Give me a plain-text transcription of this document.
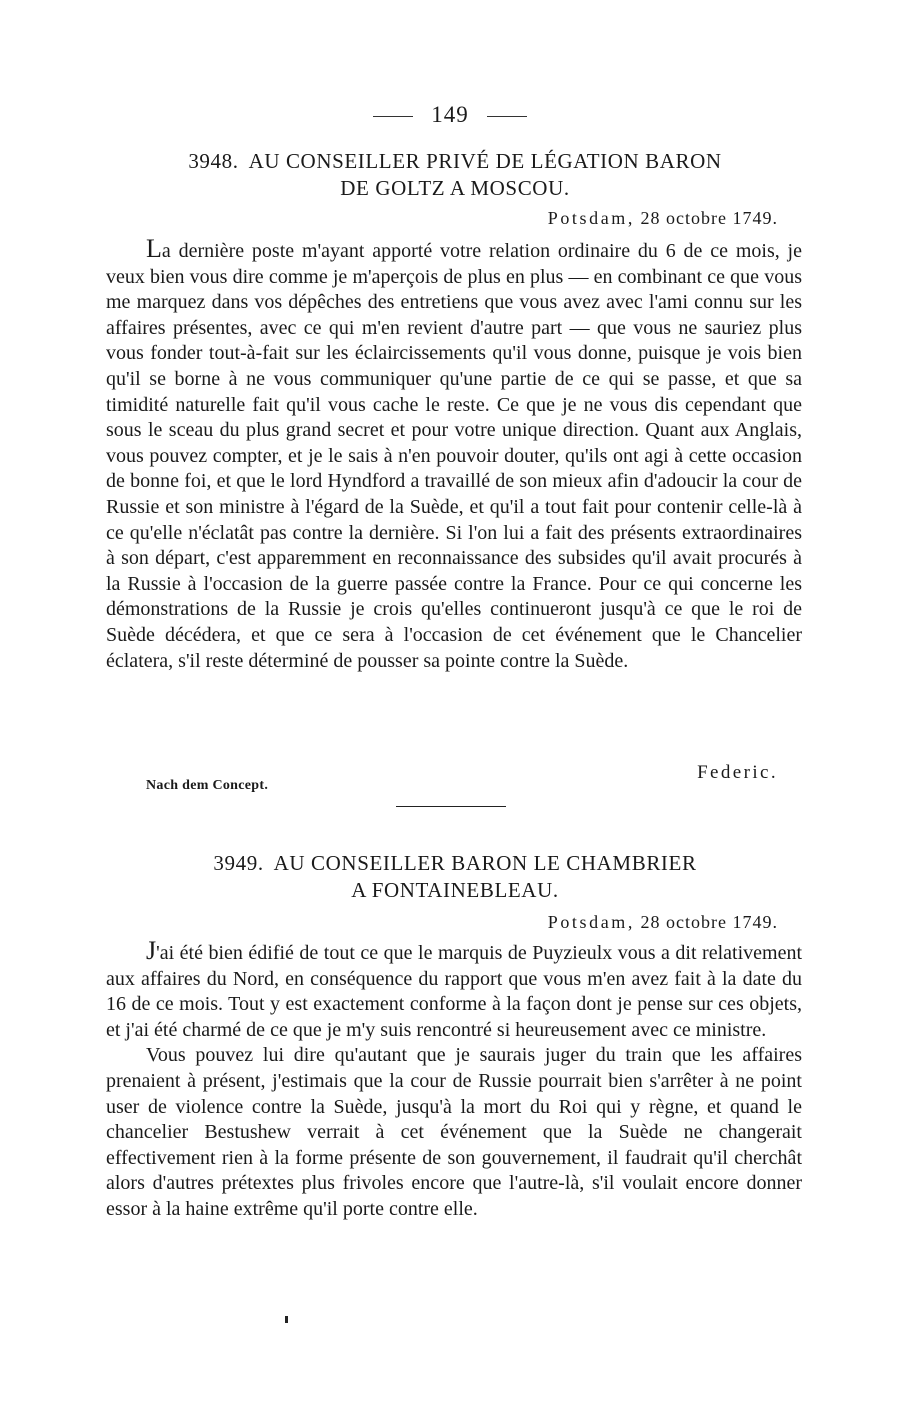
149
3948. AU CONSEILLER PRIVÉ DE LÉGATION BARON
DE GOLTZ A MOSCOU.
Potsdam, 28 octobre 1749.

La dernière poste m'ayant apporté votre relation ordinaire du 6 de ce mois, je veux bien vous dire comme je m'aperçois de plus en plus — en combinant ce que vous me marquez dans vos dépêches des entretiens que vous avez avec l'ami connu sur les affaires présentes, avec ce qui m'en revient d'autre part — que vous ne sauriez plus vous fonder tout-à-fait sur les éclaircissements qu'il vous donne, puisque je vois bien qu'il se borne à ne vous communiquer qu'une partie de ce qui se passe, et que sa timidité naturelle fait qu'il vous cache le reste. Ce que je ne vous dis cependant que sous le sceau du plus grand secret et pour votre unique direction. Quant aux Anglais, vous pouvez compter, et je le sais à n'en pouvoir douter, qu'ils ont agi à cette occasion de bonne foi, et que le lord Hyndford a travaillé de son mieux afin d'adoucir la cour de Russie et son ministre à l'égard de la Suède, et qu'il a tout fait pour contenir celle-là à ce qu'elle n'éclatât pas contre la dernière. Si l'on lui a fait des présents extraordinaires à son départ, c'est apparemment en reconnaissance des subsides qu'il avait procurés à la Russie à l'occasion de la guerre passée contre la France. Pour ce qui concerne les démonstrations de la Russie je crois qu'elles continueront jusqu'à ce que le roi de Suède décédera, et que ce sera à l'occasion de cet événement que le Chancelier éclatera, s'il reste déterminé de pousser sa pointe contre la Suède.

Federic.
Nach dem Concept.
3949. AU CONSEILLER BARON LE CHAMBRIER
A FONTAINEBLEAU.
Potsdam, 28 octobre 1749.

J'ai été bien édifié de tout ce que le marquis de Puyzieulx vous a dit relativement aux affaires du Nord, en conséquence du rapport que vous m'en avez fait à la date du 16 de ce mois. Tout y est exactement conforme à la façon dont je pense sur ces objets, et j'ai été charmé de ce que je m'y suis rencontré si heureusement avec ce ministre.

Vous pouvez lui dire qu'autant que je saurais juger du train que les affaires prenaient à présent, j'estimais que la cour de Russie pourrait bien s'arrêter à ne point user de violence contre la Suède, jusqu'à la mort du Roi qui y règne, et quand le chancelier Bestushew verrait à cet événement que la Suède ne changerait effectivement rien à la forme présente de son gouvernement, il faudrait qu'il cherchât alors d'autres prétextes plus frivoles encore que l'autre-là, s'il voulait encore donner essor à la haine extrême qu'il porte contre elle.
